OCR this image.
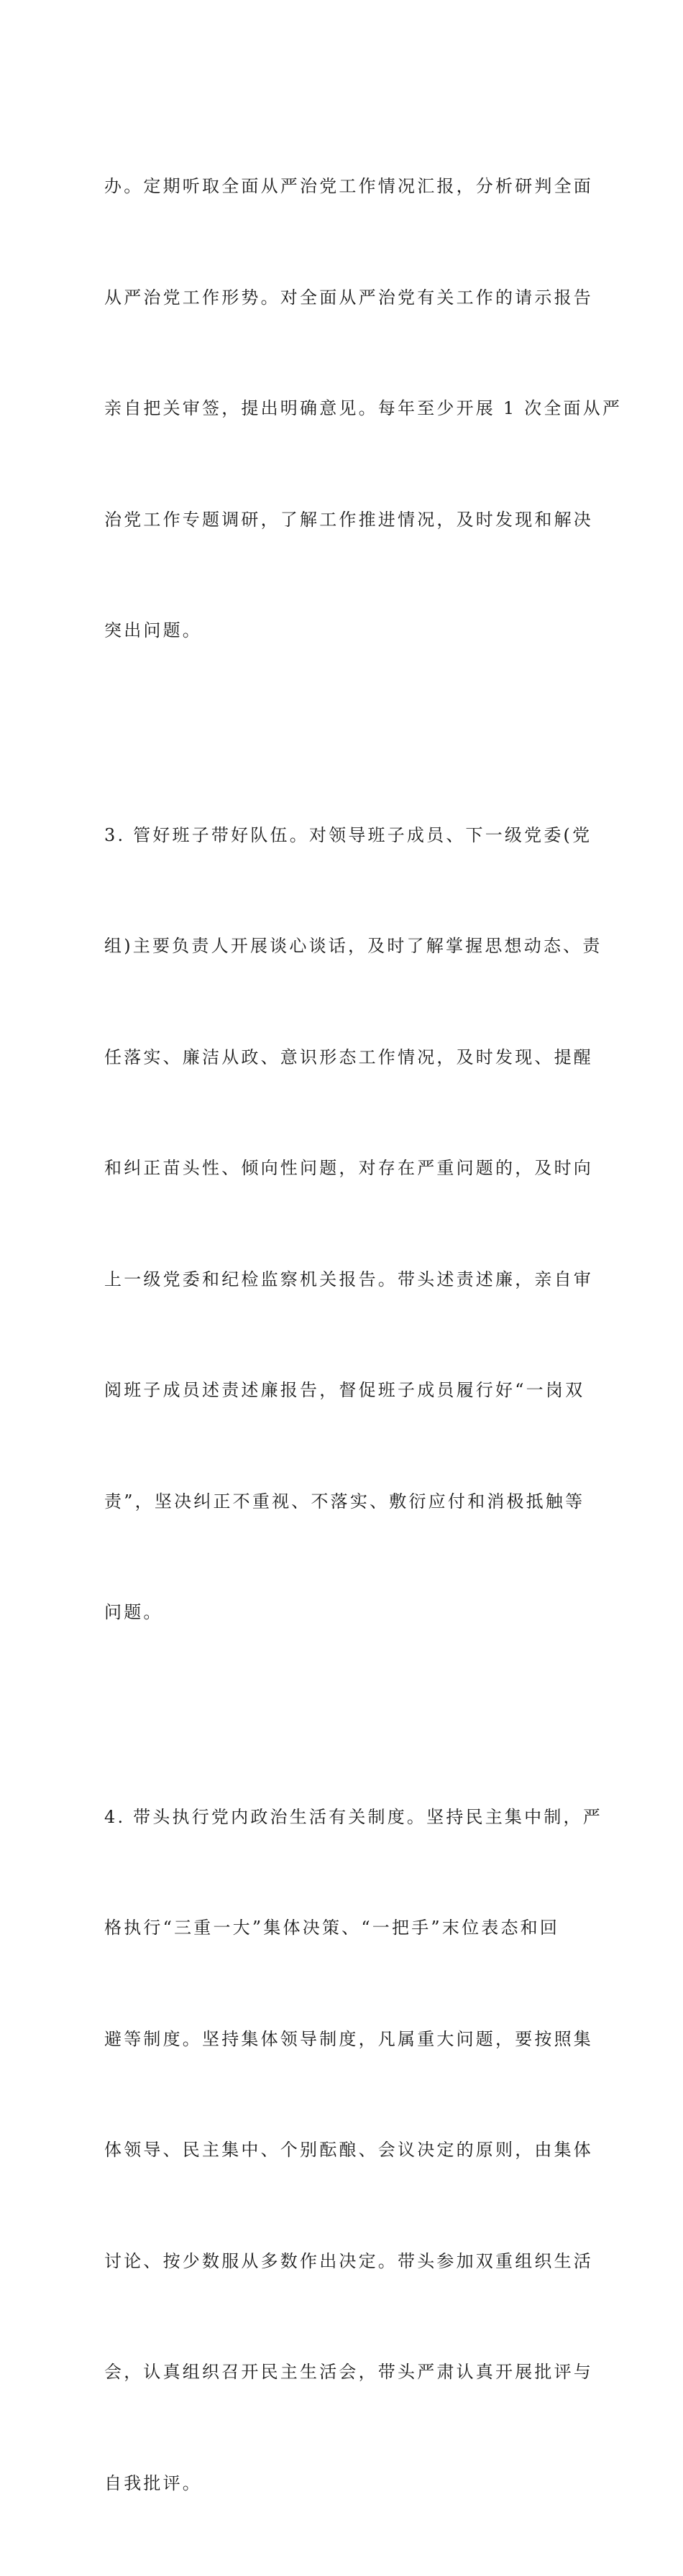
办。定期听取全面从严治党工作情况汇报，分析研判全面

从严治党工作形势。对全面从严治党有关工作的请示报告

亲自把关审签，提出明确意见。每年至少开展 1 次全面从严

治党工作专题调研，了解工作推进情况，及时发现和解决

突出问题。

3. 管好班子带好队伍。对领导班子成员、下一级党委(党

组)主要负责人开展谈心谈话，及时了解掌握思想动态、责

任落实、廉洁从政、意识形态工作情况，及时发现、提醒

和纠正苗头性、倾向性问题，对存在严重问题的，及时向

上一级党委和纪检监察机关报告。带头述责述廉，亲自审

阅班子成员述责述廉报告，督促班子成员履行好“一岗双

责”，坚决纠正不重视、不落实、敷衍应付和消极抵触等

问题。

4. 带头执行党内政治生活有关制度。坚持民主集中制，严

格执行“三重一大”集体决策、“一把手”末位表态和回

避等制度。坚持集体领导制度，凡属重大问题，要按照集

体领导、民主集中、个别酝酿、会议决定的原则，由集体

讨论、按少数服从多数作出决定。带头参加双重组织生活

会，认真组织召开民主生活会，带头严肃认真开展批评与

自我批评。
